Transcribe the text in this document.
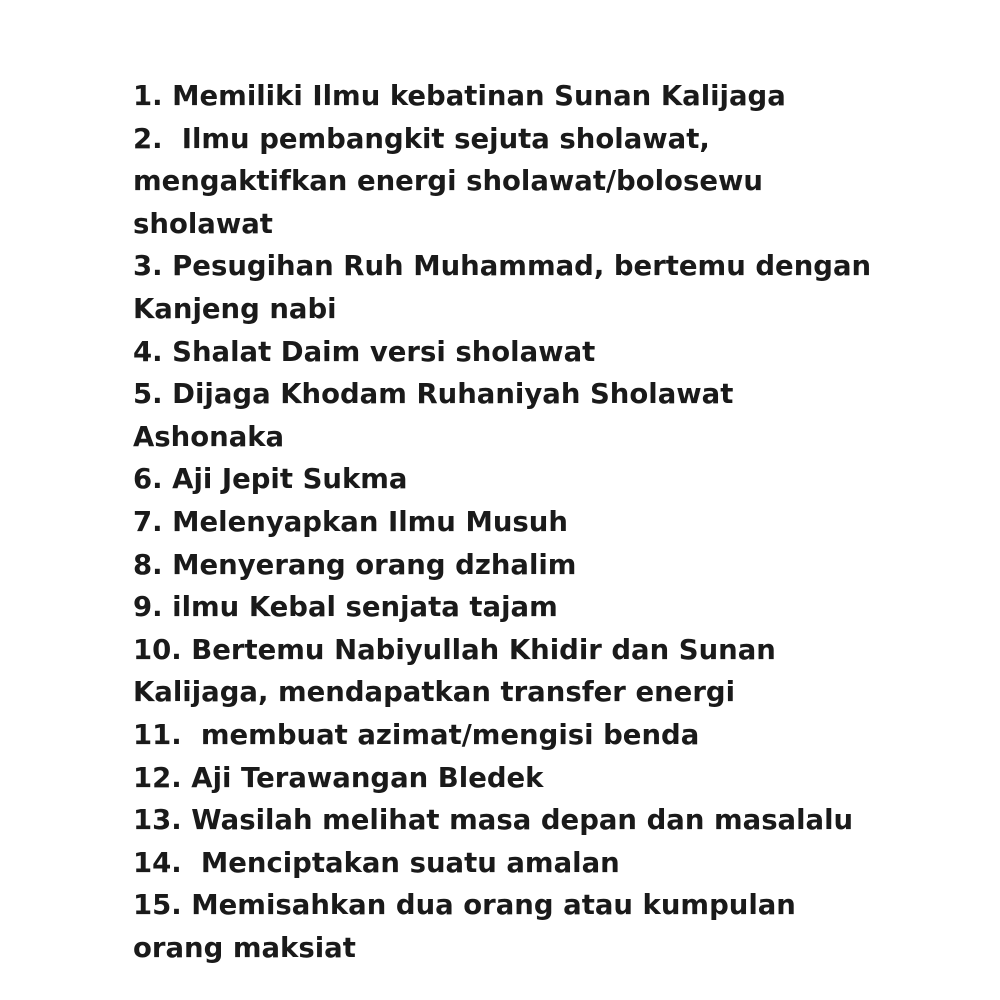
1. Memiliki Ilmu kebatinan Sunan Kalijaga
2.  Ilmu pembangkit sejuta sholawat,
mengaktifkan energi sholawat/bolosewu
sholawat
3. Pesugihan Ruh Muhammad, bertemu dengan
Kanjeng nabi
4. Shalat Daim versi sholawat
5. Dijaga Khodam Ruhaniyah Sholawat
Ashonaka
6. Aji Jepit Sukma
7. Melenyapkan Ilmu Musuh
8. Menyerang orang dzhalim
9. ilmu Kebal senjata tajam
10. Bertemu Nabiyullah Khidir dan Sunan
Kalijaga, mendapatkan transfer energi
11.  membuat azimat/mengisi benda
12. Aji Terawangan Bledek
13. Wasilah melihat masa depan dan masalalu
14.  Menciptakan suatu amalan
15. Memisahkan dua orang atau kumpulan
orang maksiat
